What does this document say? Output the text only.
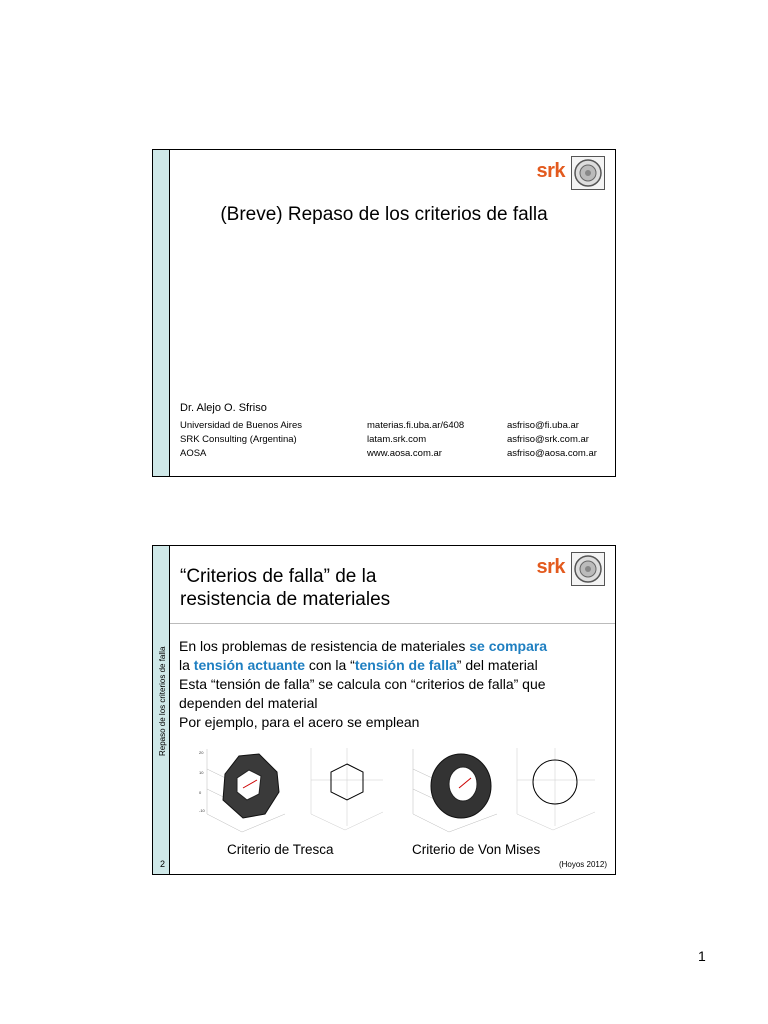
srk
(Breve) Repaso de los criterios de falla
Dr. Alejo O. Sfriso
Universidad de Buenos Aires	materias.fi.uba.ar/6408	asfriso@fi.uba.ar
SRK Consulting (Argentina)	latam.srk.com	asfriso@srk.com.ar
AOSA	www.aosa.com.ar	asfriso@aosa.com.ar
Repaso de los criterios de falla
2
srk
“Criterios de falla” de la
resistencia de materiales
En los problemas de resistencia de materiales se compara
la tensión actuante con la “tensión de falla” del material
Esta “tensión de falla” se calcula con “criterios de falla” que
dependen del material
Por ejemplo, para el acero se emplean
20
10
0
-10
Criterio de Tresca	Criterio de Von Mises
(Hoyos 2012)
1
